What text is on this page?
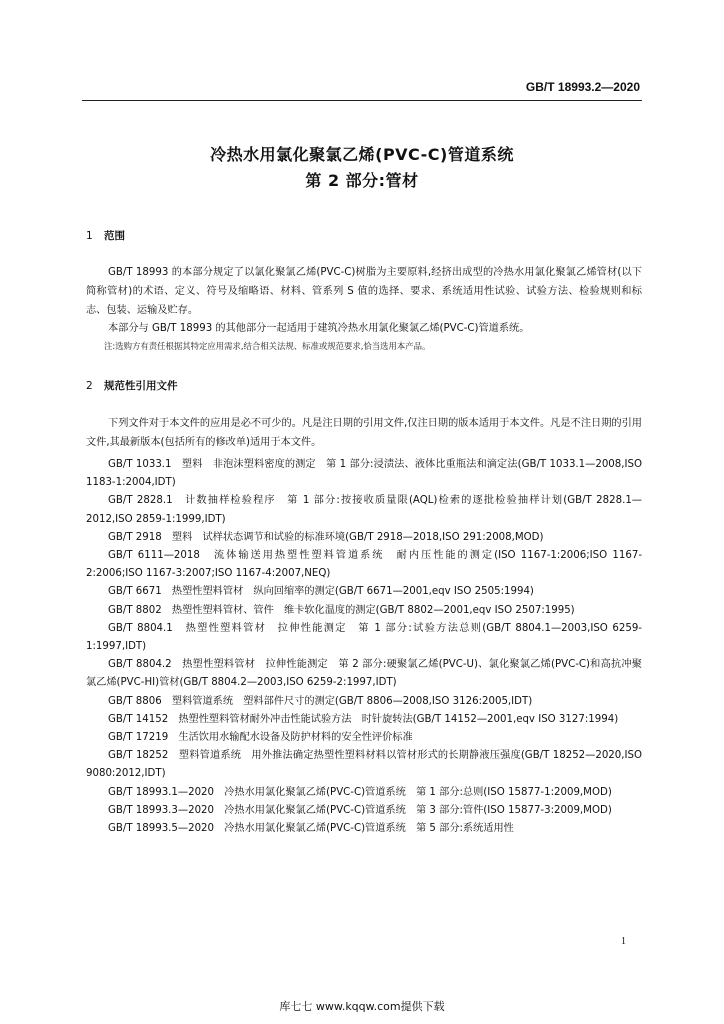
GB/T 18993.2—2020
冷热水用氯化聚氯乙烯(PVC-C)管道系统
第 2 部分:管材
1 范围
GB/T 18993 的本部分规定了以氯化聚氯乙烯(PVC-C)树脂为主要原料,经挤出成型的冷热水用氯化聚氯乙烯管材(以下简称管材)的术语、定义、符号及缩略语、材料、管系列 S 值的选择、要求、系统适用性试验、试验方法、检验规则和标志、包装、运输及贮存。
本部分与 GB/T 18993 的其他部分一起适用于建筑冷热水用氯化聚氯乙烯(PVC-C)管道系统。
注:选购方有责任根据其特定应用需求,结合相关法规、标准或规范要求,恰当选用本产品。
2 规范性引用文件
下列文件对于本文件的应用是必不可少的。凡是注日期的引用文件,仅注日期的版本适用于本文件。凡是不注日期的引用文件,其最新版本(包括所有的修改单)适用于本文件。
GB/T 1033.1　塑料　非泡沫塑料密度的测定　第 1 部分:浸渍法、液体比重瓶法和滴定法(GB/T 1033.1—2008,ISO 1183-1:2004,IDT)
GB/T 2828.1　计数抽样检验程序　第 1 部分:按接收质量限(AQL)检索的逐批检验抽样计划(GB/T 2828.1—2012,ISO 2859-1:1999,IDT)
GB/T 2918　塑料　试样状态调节和试验的标准环境(GB/T 2918—2018,ISO 291:2008,MOD)
GB/T 6111—2018　流体输送用热塑性塑料管道系统　耐内压性能的测定(ISO 1167-1:2006;ISO 1167-2:2006;ISO 1167-3:2007;ISO 1167-4:2007,NEQ)
GB/T 6671　热塑性塑料管材　纵向回缩率的测定(GB/T 6671—2001,eqv ISO 2505:1994)
GB/T 8802　热塑性塑料管材、管件　维卡软化温度的测定(GB/T 8802—2001,eqv ISO 2507:1995)
GB/T 8804.1　热塑性塑料管材　拉伸性能测定　第 1 部分:试验方法总则(GB/T 8804.1—2003,ISO 6259-1:1997,IDT)
GB/T 8804.2　热塑性塑料管材　拉伸性能测定　第 2 部分:硬聚氯乙烯(PVC-U)、氯化聚氯乙烯(PVC-C)和高抗冲聚氯乙烯(PVC-HI)管材(GB/T 8804.2—2003,ISO 6259-2:1997,IDT)
GB/T 8806　塑料管道系统　塑料部件尺寸的测定(GB/T 8806—2008,ISO 3126:2005,IDT)
GB/T 14152　热塑性塑料管材耐外冲击性能试验方法　时针旋转法(GB/T 14152—2001,eqv ISO 3127:1994)
GB/T 17219　生活饮用水输配水设备及防护材料的安全性评价标准
GB/T 18252　塑料管道系统　用外推法确定热塑性塑料材料以管材形式的长期静液压强度(GB/T 18252—2020,ISO 9080:2012,IDT)
GB/T 18993.1—2020　冷热水用氯化聚氯乙烯(PVC-C)管道系统　第 1 部分:总则(ISO 15877-1:2009,MOD)
GB/T 18993.3—2020　冷热水用氯化聚氯乙烯(PVC-C)管道系统　第 3 部分:管件(ISO 15877-3:2009,MOD)
GB/T 18993.5—2020　冷热水用氯化聚氯乙烯(PVC-C)管道系统　第 5 部分:系统适用性
1
库七七 www.kqqw.com提供下载
